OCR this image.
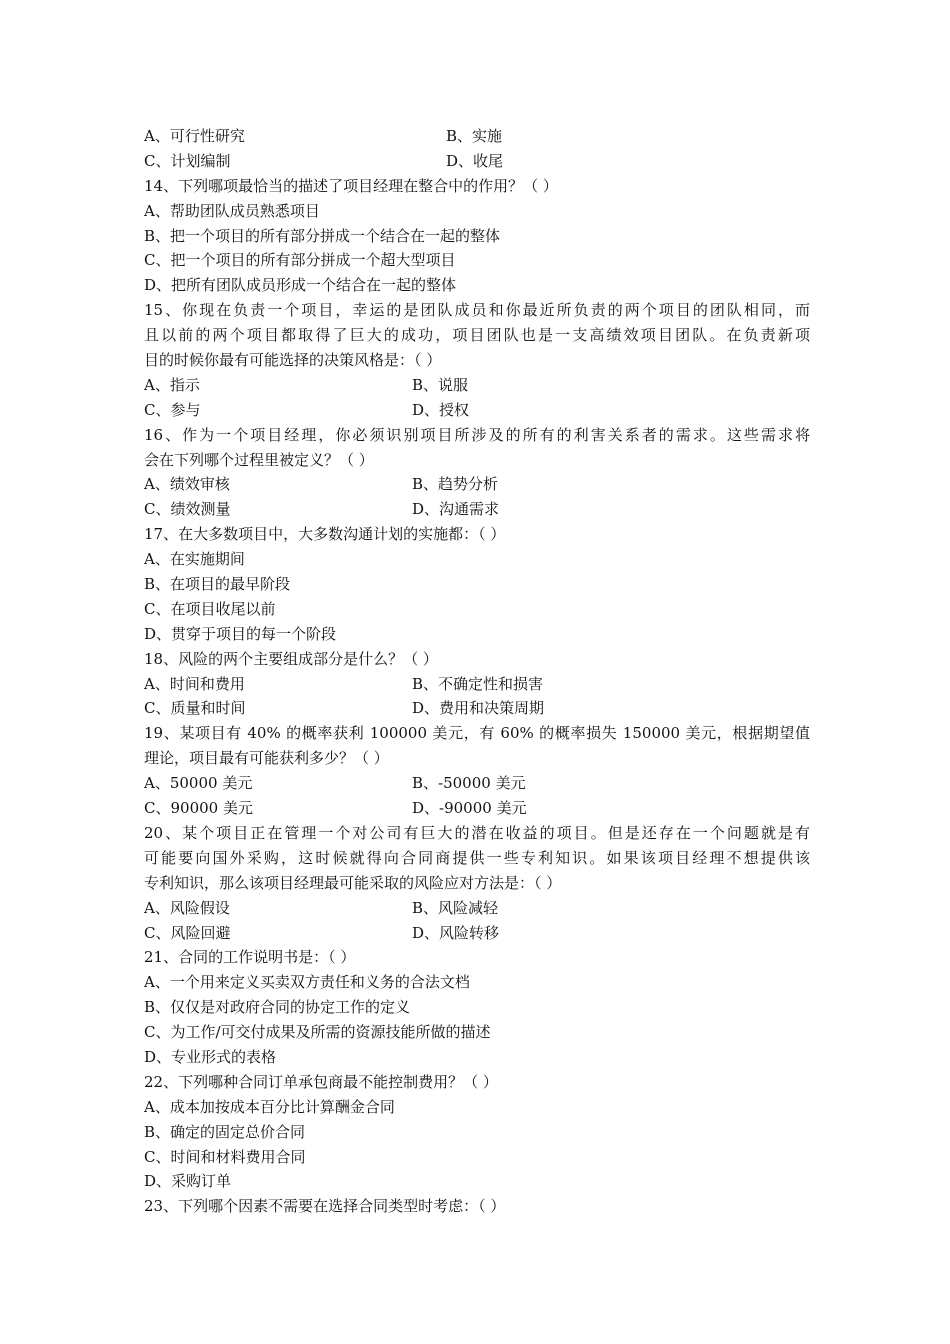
A、可行性研究	B、实施
C、计划编制	D、收尾
14、下列哪项最恰当的描述了项目经理在整合中的作用？（ ）
A、帮助团队成员熟悉项目
B、把一个项目的所有部分拼成一个结合在一起的整体
C、把一个项目的所有部分拼成一个超大型项目
D、把所有团队成员形成一个结合在一起的整体
15、你现在负责一个项目，幸运的是团队成员和你最近所负责的两个项目的团队相同，而
且以前的两个项目都取得了巨大的成功，项目团队也是一支高绩效项目团队。在负责新项
目的时候你最有可能选择的决策风格是：（ ）
A、指示	B、说服
C、参与	D、授权
16、作为一个项目经理，你必须识别项目所涉及的所有的利害关系者的需求。这些需求将
会在下列哪个过程里被定义？（ ）
A、绩效审核	B、趋势分析
C、绩效测量	D、沟通需求
17、在大多数项目中，大多数沟通计划的实施都：（ ）
A、在实施期间
B、在项目的最早阶段
C、在项目收尾以前
D、贯穿于项目的每一个阶段
18、风险的两个主要组成部分是什么？（ ）
A、时间和费用	B、不确定性和损害
C、质量和时间	D、费用和决策周期
19、某项目有 40% 的概率获利 100000 美元，有 60% 的概率损失 150000 美元，根据期望值
理论，项目最有可能获利多少？（ ）
A、50000 美元	B、-50000 美元
C、90000 美元	D、-90000 美元
20、某个项目正在管理一个对公司有巨大的潜在收益的项目。但是还存在一个问题就是有
可能要向国外采购，这时候就得向合同商提供一些专利知识。如果该项目经理不想提供该
专利知识，那么该项目经理最可能采取的风险应对方法是：（ ）
A、风险假设	B、风险减轻
C、风险回避	D、风险转移
21、合同的工作说明书是：（ ）
A、一个用来定义买卖双方责任和义务的合法文档
B、仅仅是对政府合同的协定工作的定义
C、为工作/可交付成果及所需的资源技能所做的描述
D、专业形式的表格
22、下列哪种合同订单承包商最不能控制费用？（ ）
A、成本加按成本百分比计算酬金合同
B、确定的固定总价合同
C、时间和材料费用合同
D、采购订单
23、下列哪个因素不需要在选择合同类型时考虑：（ ）
